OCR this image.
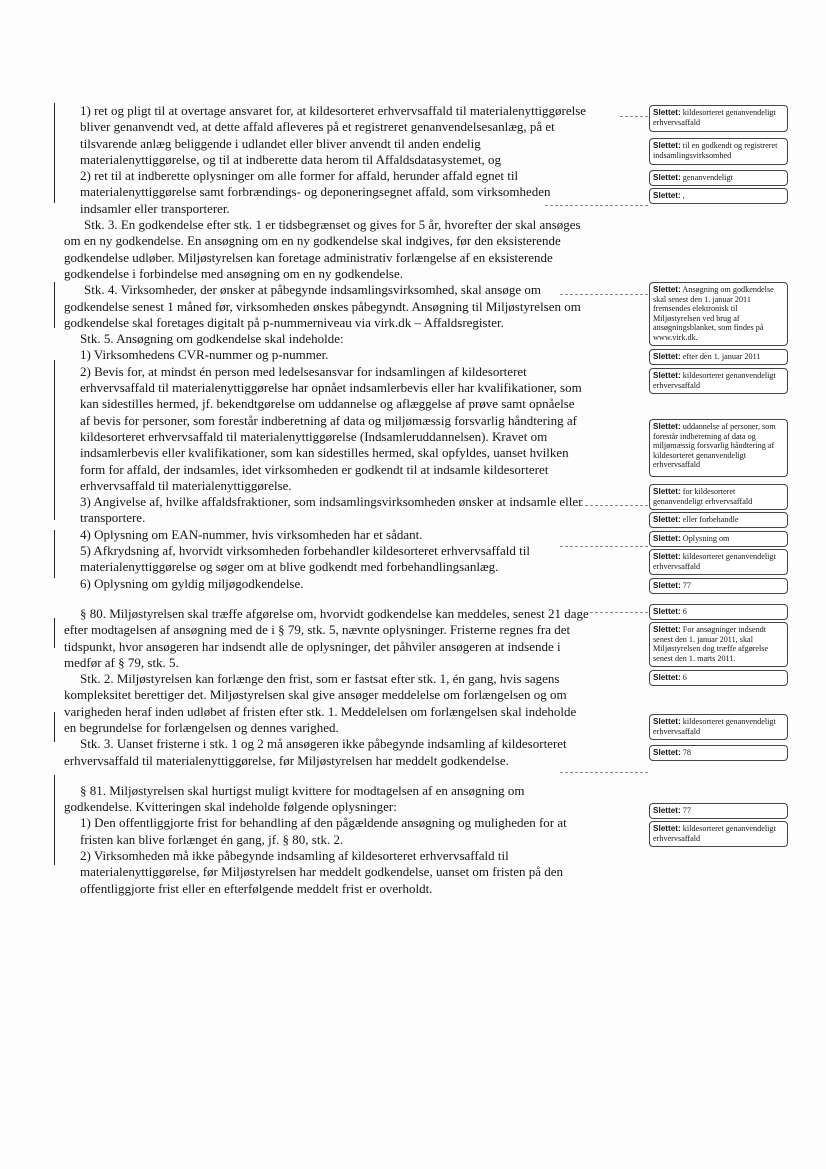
1) ret og pligt til at overtage ansvaret for, at kildesorteret erhvervsaffald til materialenyttiggørelse
bliver genanvendt ved, at dette affald afleveres på et registreret genanvendelsesanlæg, på et
tilsvarende anlæg beliggende i udlandet eller bliver anvendt til anden endelig
materialenyttiggørelse, og til at indberette data herom til Affaldsdatasystemet, og
2) ret til at indberette oplysninger om alle former for affald, herunder affald egnet til
materialenyttiggørelse samt forbrændings- og deponeringsegnet affald, som virksomheden
indsamler eller transporterer.
Stk. 3. En godkendelse efter stk. 1 er tidsbegrænset og gives for 5 år, hvorefter der skal ansøges
om en ny godkendelse. En ansøgning om en ny godkendelse skal indgives, før den eksisterende
godkendelse udløber. Miljøstyrelsen kan foretage administrativ forlængelse af en eksisterende
godkendelse i forbindelse med ansøgning om en ny godkendelse.
Stk. 4. Virksomheder, der ønsker at påbegynde indsamlingsvirksomhed, skal ansøge om
godkendelse senest 1 måned før, virksomheden ønskes påbegyndt. Ansøgning til Miljøstyrelsen om
godkendelse skal foretages digitalt på p-nummerniveau via virk.dk – Affaldsregister.
Stk. 5. Ansøgning om godkendelse skal indeholde:
1) Virksomhedens CVR-nummer og p-nummer.
2) Bevis for, at mindst én person med ledelsesansvar for indsamlingen af kildesorteret
erhvervsaffald til materialenyttiggørelse har opnået indsamlerbevis eller har kvalifikationer, som
kan sidestilles hermed, jf. bekendtgørelse om uddannelse og aflæggelse af prøve samt opnåelse
af bevis for personer, som forestår indberetning af data og miljømæssig forsvarlig håndtering af
kildesorteret erhvervsaffald til materialenyttiggørelse (Indsamleruddannelsen). Kravet om
indsamlerbevis eller kvalifikationer, som kan sidestilles hermed, skal opfyldes, uanset hvilken
form for affald, der indsamles, idet virksomheden er godkendt til at indsamle kildesorteret
erhvervsaffald til materialenyttiggørelse.
3) Angivelse af, hvilke affaldsfraktioner, som indsamlingsvirksomheden ønsker at indsamle eller
transportere.
4) Oplysning om EAN-nummer, hvis virksomheden har et sådant.
5) Afkrydsning af, hvorvidt virksomheden forbehandler kildesorteret erhvervsaffald til
materialenyttiggørelse og søger om at blive godkendt med forbehandlingsanlæg.
6) Oplysning om gyldig miljøgodkendelse.
§ 80. Miljøstyrelsen skal træffe afgørelse om, hvorvidt godkendelse kan meddeles, senest 21 dage
efter modtagelsen af ansøgning med de i § 79, stk. 5, nævnte oplysninger. Fristerne regnes fra det
tidspunkt, hvor ansøgeren har indsendt alle de oplysninger, det påhviler ansøgeren at indsende i
medfør af § 79, stk. 5.
Stk. 2. Miljøstyrelsen kan forlænge den frist, som er fastsat efter stk. 1, én gang, hvis sagens
kompleksitet berettiger det. Miljøstyrelsen skal give ansøger meddelelse om forlængelsen og om
varigheden heraf inden udløbet af fristen efter stk. 1. Meddelelsen om forlængelsen skal indeholde
en begrundelse for forlængelsen og dennes varighed.
Stk. 3. Uanset fristerne i stk. 1 og 2 må ansøgeren ikke påbegynde indsamling af kildesorteret
erhvervsaffald til materialenyttiggørelse, før Miljøstyrelsen har meddelt godkendelse.
§ 81. Miljøstyrelsen skal hurtigst muligt kvittere for modtagelsen af en ansøgning om
godkendelse. Kvitteringen skal indeholde følgende oplysninger:
1) Den offentliggjorte frist for behandling af den pågældende ansøgning og muligheden for at
fristen kan blive forlænget én gang, jf. § 80, stk. 2.
2) Virksomheden må ikke påbegynde indsamling af kildesorteret erhvervsaffald til
materialenyttiggørelse, før Miljøstyrelsen har meddelt godkendelse, uanset om fristen på den
offentliggjorte frist eller en efterfølgende meddelt frist er overholdt.
Slettet: kildesorteret genanvendeligt erhvervsaffald
Slettet: til en godkendt og registreret indsamlingsvirksomhed
Slettet: genanvendeligt
Slettet: ,
Slettet: Ansøgning om godkendelse skal senest den 1. januar 2011 fremsendes elektronisk til Miljøstyrelsen ved brug af ansøgningsblanket, som findes på www.virk.dk.
Slettet: efter den 1. januar 2011
Slettet: kildesorteret genanvendeligt erhvervsaffald
Slettet: uddannelse af personer, som forestår indberetning af data og miljømæssig forsvarlig håndtering af kildesorteret genanvendeligt erhvervsaffald
Slettet: for kildesorteret genanvendeligt erhvervsaffald
Slettet: eller forbehandle
Slettet: Oplysning om
Slettet: kildesorteret genanvendeligt erhvervsaffald
Slettet: 77
Slettet: 6
Slettet: For ansøgninger indsendt senest den 1. januar 2011, skal Miljøstyrelsen dog træffe afgørelse senest den 1. marts 2011.
Slettet: 6
Slettet: kildesorteret genanvendeligt erhvervsaffald
Slettet: 78
Slettet: 77
Slettet: kildesorteret genanvendeligt erhvervsaffald
